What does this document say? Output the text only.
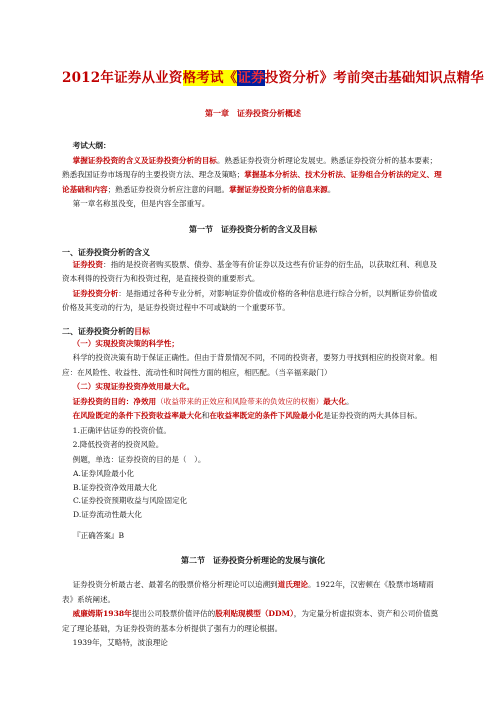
2012年证券从业资格考试《证券投资分析》考前突击基础知识点精华
第一章　证券投资分析概述

考试大纲：

掌握证券投资的含义及证券投资分析的目标。熟悉证券投资分析理论发展史。熟悉证券投资分析的基本要素；熟悉我国证券市场现存的主要投资方法、理念及策略；掌握基本分析法、技术分析法、证券组合分析法的定义、理论基础和内容；熟悉证券投资分析应注意的问题。掌握证券投资分析的信息来源。

第一章名称虽没变，但是内容全部重写。

第一节　证券投资分析的含义及目标

一、证券投资分析的含义

证券投资：指的是投资者购买股票、债券、基金等有价证券以及这些有价证券的衍生品，以获取红利、利息及资本利得的投资行为和投资过程，是直接投资的重要形式。

证券投资分析：是指通过各种专业分析，对影响证券价值或价格的各种信息进行综合分析，以判断证券价值或价格及其变动的行为，是证券投资过程中不可或缺的一个重要环节。

二、证券投资分析的目标

（一）实现投资决策的科学性；

科学的投资决策有助于保证正确性。但由于背景情况不同，不同的投资者，要努力寻找到相应的投资对象。相应：在风险性、收益性、流动性和时间性方面的相应，相匹配。（当辛福来敲门）

（二）实现证券投资净效用最大化。

证券投资的目的：净效用（收益带来的正效应和风险带来的负效应的权衡）最大化。

在风险既定的条件下投资收益率最大化和在收益率既定的条件下风险最小化是证券投资的两大具体目标。

1.正确评估证券的投资价值。

2.降低投资者的投资风险。

例题，单选：证券投资的目的是（　）。

A.证券风险最小化

B.证券投资净效用最大化

C.证券投资预期收益与风险固定化

D.证券流动性最大化

『正确答案』B

第二节　证券投资分析理论的发展与演化

证券投资分析最古老、最著名的股票价格分析理论可以追溯到道氏理论。1922年，汉密顿在《股票市场晴雨表》系统阐述。

威廉姆斯1938年提出公司股票价值评估的股利贴现模型（DDM），为定量分析虚拟资本、资产和公司价值奠定了理论基础，为证券投资的基本分析提供了强有力的理论根据。

1939年，艾略特，波浪理论
